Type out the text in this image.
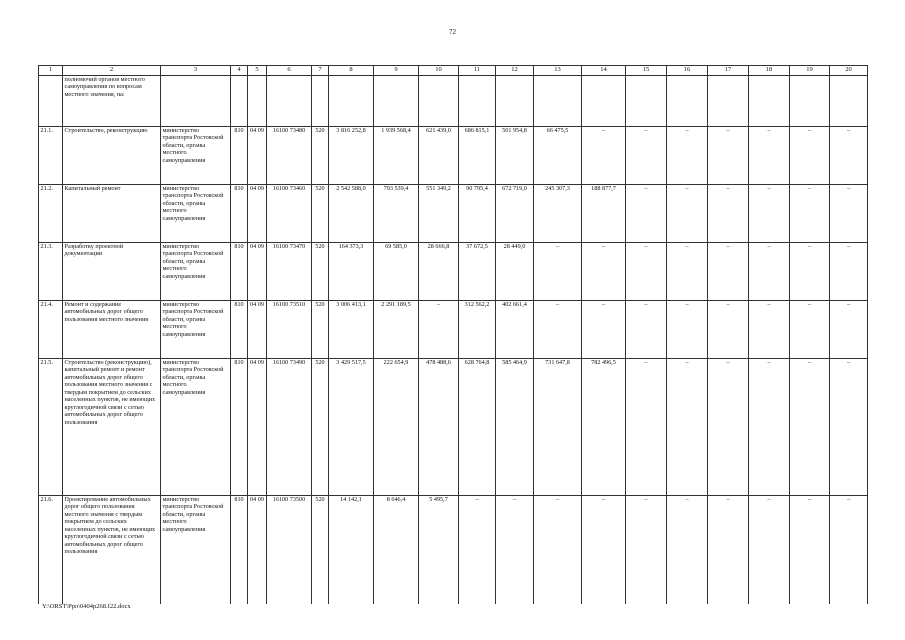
72
1	2	3	4	5	6	7	8	9	10	11	12	13	14	15	16	17	18	19	20
	полномочий органов местного самоуправления по вопросам местного значения, на:																		
21.1.	Строительство, реконструкцию	министерство транспорта Ростовской области, органы местного самоуправления	810	04 09	16100 73480	520	3 816 252,8	1 939 568,4	621 439,0	686 815,1	501 954,8	66 475,5	–	–	–	–	–	–	–
21.2.	Капитальный ремонт	министерство транспорта Ростовской области, органы местного самоуправления	810	04 09	16100 73460	520	2 542 588,0	793 539,4	551 349,2	90 795,4	672 719,0	245 307,3	188 877,7	–	–	–	–	–	–
21.3.	Разработку проектной документации	министерство транспорта Ростовской области, органы местного самоуправления	810	04 09	16100 73470	520	164 373,3	69 585,0	28 666,8	37 672,5	28 449,0	–	–	–	–	–	–	–	–
21.4.	Ремонт и содержание автомобильных дорог общего пользования местного значения	министерство транспорта Ростовской области, органы местного самоуправления	810	04 09	16100 73510	520	3 006 413,1	2 291 189,5	–	312 562,2	402 661,4	–	–	–	–	–	–	–	–
21.5.	Строительство (реконструкцию), капитальный ремонт и ремонт автомобильных дорог общего пользования местного значения с твердым покрытием до сельских населенных пунктов, не имеющих круглогодичной связи с сетью автомобильных дорог общего пользования	министерство транспорта Ростовской области, органы местного самоуправления	810	04 09	16100 73490	520	3 429 517,5	222 654,9	478 488,6	628 764,8	585 464,9	731 647,8	782 496,5	–	–	–	–	–	–
21.6.	Проектирование автомобильных дорог общего пользования местного значения с твердым покрытием до сельских населенных пунктов, не имеющих круглогодичной связи с сетью автомобильных дорог общего пользования	министерство транспорта Ростовской области, органы местного самоуправления	810	04 09	16100 73500	520	14 142,1	8 646,4	5 495,7	–	–	–	–	–	–	–	–	–	–
Y:\ORST\Ppo\0404p268.f22.docx
